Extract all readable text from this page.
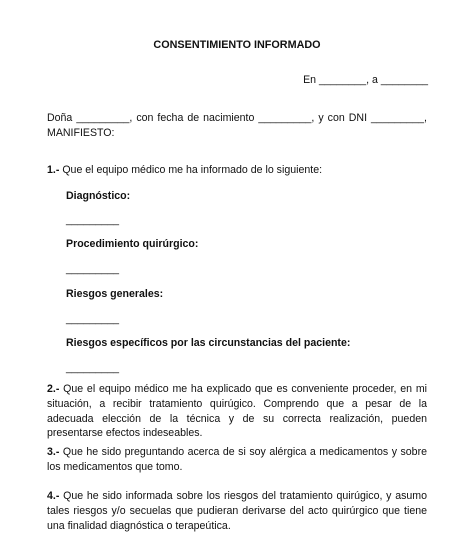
CONSENTIMIENTO INFORMADO
En ________, a ________
Doña _________, con fecha de nacimiento _________, y con DNI _________, MANIFIESTO:
1.- Que el equipo médico me ha informado de lo siguiente:
Diagnóstico:
_________
Procedimiento quirúrgico:
_________
Riesgos generales:
_________
Riesgos específicos por las circunstancias del paciente:
_________
2.- Que el equipo médico me ha explicado que es conveniente proceder, en mi situación, a recibir tratamiento quirúgico. Comprendo que a pesar de la adecuada elección de la técnica y de su correcta realización, pueden presentarse efectos indeseables.
3.- Que he sido preguntando acerca de si soy alérgica a medicamentos y sobre los medicamentos que tomo.
4.- Que he sido informada sobre los riesgos del tratamiento quirúgico, y asumo tales riesgos y/o secuelas que pudieran derivarse del acto quirúrgico que tiene una finalidad diagnóstica o terapeútica.
